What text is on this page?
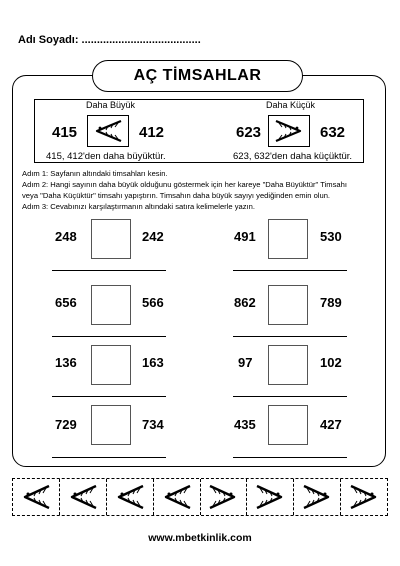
Adı Soyadı: .......................................
AÇ TİMSAHLAR
Daha Büyük
415	412
415, 412'den daha büyüktür.
Daha Küçük
623	632
623, 632'den daha küçüktür.
Adım 1: Sayfanın altındaki timsahları kesin.
Adım 2: Hangi sayının daha büyük olduğunu göstermek için her kareye "Daha Büyüktür" Timsahı
veya "Daha Küçüktür" timsahı yapıştırın. Timsahın daha büyük sayıyı yediğinden emin olun.
Adım 3: Cevabınızı karşılaştırmanın altındaki satıra kelimelerle yazın.
248	242	491	530
656	566	862	789
136	163	97	102
729	734	435	427
www.mbetkinlik.com
